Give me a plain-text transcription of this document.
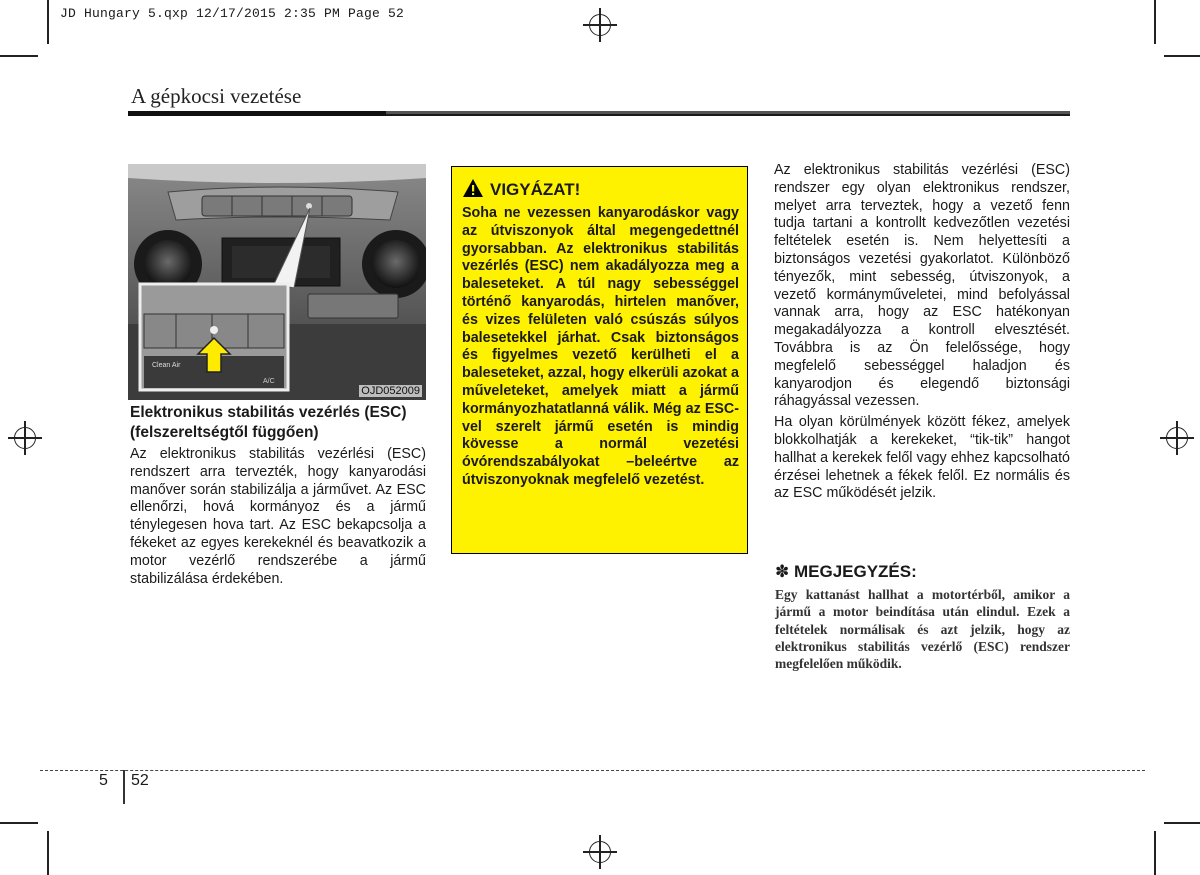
JD Hungary 5.qxp 12/17/2015 2:35 PM Page 52
A gépkocsi vezetése
Clean Air
A/C
OJD052009
Elektronikus stabilitás vezérlés (ESC) (felszereltségtől függően)
Az elektronikus stabilitás vezérlési (ESC) rendszert arra tervezték, hogy kanyarodási manőver során stabilizálja a járművet. Az ESC ellenőrzi, hová kormányoz és a jármű ténylegesen hova tart. Az ESC bekapcsolja a fékeket az egyes kerekeknél és beavatkozik a motor vezérlő rendszerébe a jármű stabilizálása érdekében.
VIGYÁZAT!
Soha ne vezessen kanyarodáskor vagy az útviszonyok által megengedettnél gyorsabban. Az elektronikus stabilitás vezérlés (ESC) nem akadályozza meg a baleseteket. A túl nagy sebességgel történő kanyarodás, hirtelen manőver, és vizes felületen való csúszás súlyos balesetekkel járhat. Csak biztonságos és figyelmes vezető kerülheti el a baleseteket, azzal, hogy elkerüli azokat a műveleteket, amelyek miatt a jármű kormányozhatatlanná válik. Még az ESC-vel szerelt jármű esetén is mindig kövesse a normál vezetési óvórendszabályokat –beleértve az útviszonyoknak megfelelő vezetést.

Az elektronikus stabilitás vezérlési (ESC) rendszer egy olyan elektronikus rendszer, melyet arra terveztek, hogy a vezető fenn tudja tartani a kontrollt kedvezőtlen vezetési feltételek esetén is. Nem helyettesíti a biztonságos vezetési gyakorlatot. Különböző tényezők, mint sebesség, útviszonyok, a vezető kormányműveletei, mind befolyással vannak arra, hogy az ESC hatékonyan megakadályozza a kontroll elvesztését. Továbbra is az Ön felelőssége, hogy megfelelő sebességgel haladjon és kanyarodjon és elegendő biztonsági ráhagyással vezessen.

Ha olyan körülmények között fékez, amelyek blokkolhatják a kerekeket, “tik-tik” hangot hallhat a kerekek felől vagy ehhez kapcsolható érzései lehetnek a fékek felől. Ez normális és az ESC működését jelzik.

✽ MEGJEGYZÉS:
Egy kattanást hallhat a motortérből, amikor a jármű a motor beindítása után elindul. Ezek a feltételek normálisak és azt jelzik, hogy az elektronikus stabilitás vezérlő (ESC) rendszer megfelelően működik.
5 52
